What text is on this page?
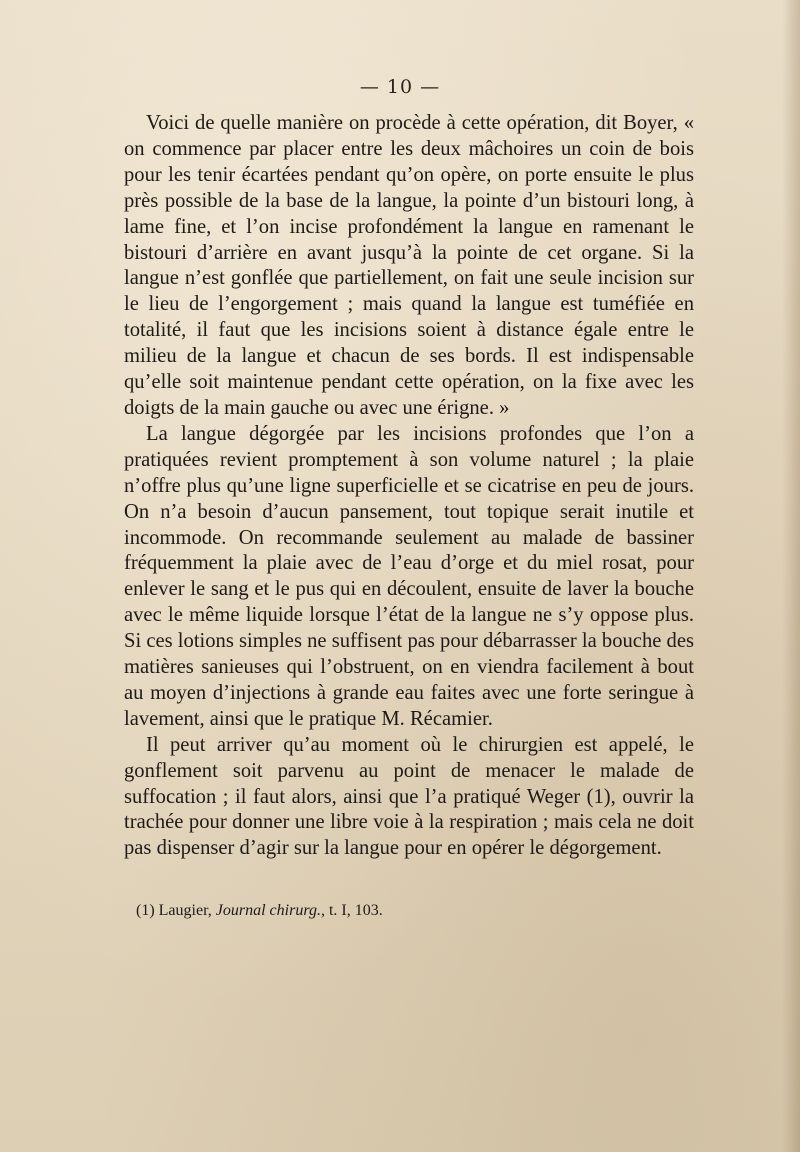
— 10 —

Voici de quelle manière on procède à cette opération, dit Boyer, « on commence par placer entre les deux mâchoires un coin de bois pour les tenir écartées pendant qu’on opère, on porte ensuite le plus près possible de la base de la langue, la pointe d’un bistouri long, à lame fine, et l’on incise profondément la langue en ramenant le bistouri d’arrière en avant jusqu’à la pointe de cet organe. Si la langue n’est gonflée que partiellement, on fait une seule incision sur le lieu de l’engorgement ; mais quand la langue est tuméfiée en totalité, il faut que les incisions soient à distance égale entre le milieu de la langue et chacun de ses bords. Il est indispensable qu’elle soit maintenue pendant cette opération, on la fixe avec les doigts de la main gauche ou avec une érigne. »

La langue dégorgée par les incisions profondes que l’on a pratiquées revient promptement à son volume naturel ; la plaie n’offre plus qu’une ligne superficielle et se cicatrise en peu de jours. On n’a besoin d’aucun pansement, tout topique serait inutile et incommode. On recommande seulement au malade de bassiner fréquemment la plaie avec de l’eau d’orge et du miel rosat, pour enlever le sang et le pus qui en découlent, ensuite de laver la bouche avec le même liquide lorsque l’état de la langue ne s’y oppose plus. Si ces lotions simples ne suffisent pas pour débarrasser la bouche des matières sanieuses qui l’obstruent, on en viendra facilement à bout au moyen d’injections à grande eau faites avec une forte seringue à lavement, ainsi que le pratique M. Récamier.

Il peut arriver qu’au moment où le chirurgien est appelé, le gonflement soit parvenu au point de menacer le malade de suffocation ; il faut alors, ainsi que l’a pratiqué Weger (1), ouvrir la trachée pour donner une libre voie à la respiration ; mais cela ne doit pas dispenser d’agir sur la langue pour en opérer le dégorgement.

(1) Laugier, Journal chirurg., t. I, 103.
